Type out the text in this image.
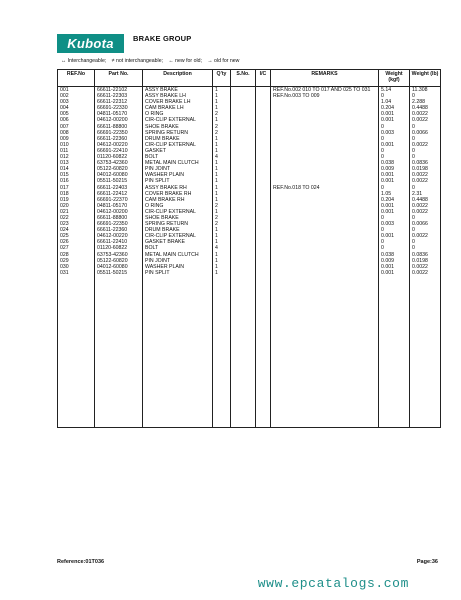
Kubota	BRAKE GROUP
↔ Interchangeable; ≠ not interchangeable; ← new for old; → old for new
REF.No	Part No.	Description	Q'ty	S.No.	I/C	REMARKS	Weight (kgf)	Weight (lb)
001	66611-22102	ASSY BRAKE	1			REF.No.002 010 TO 017 AND 025 TO 031	5.14	11.308
002	66611-22303	ASSY BRAKE LH	1			REF.No.003 TO 009	0	0
003	66611-22312	COVER BRAKE LH	1				1.04	2.288
004	66691-22330	CAM BRAKE LH	1				0.204	0.4488
005	04811-05170	O RING	2				0.001	0.0022
006	04612-00200	CIR-CLIP EXTERNAL	1				0.001	0.0022
007	66611-88800	SHOE BRAKE	2				0	0
008	66691-22350	SPRING RETURN	2				0.003	0.0066
009	66611-22360	DRUM BRAKE	1				0	0
010	04612-00220	CIR-CLIP EXTERNAL	1				0.001	0.0022
011	66691-22410	GASKET	1				0	0
012	01120-60822	BOLT	4				0	0
013	63753-42360	METAL MAIN CLUTCH	1				0.038	0.0836
014	05122-60820	PIN JOINT	1				0.009	0.0198
015	04012-60080	WASHER PLAIN	1				0.001	0.0022
016	05511-50215	PIN SPLIT	1				0.001	0.0022
017	66611-22403	ASSY BRAKE RH	1			REF.No.018 TO 024	0	0
018	66611-22412	COVER BRAKE RH	1				1.05	2.31
019	66691-22370	CAM BRAKE RH	1				0.204	0.4488
020	04811-05170	O RING	2				0.001	0.0022
021	04612-00200	CIR-CLIP EXTERNAL	1				0.001	0.0022
022	66611-88800	SHOE BRAKE	2				0	0
023	66691-22350	SPRING RETURN	2				0.003	0.0066
024	66611-22360	DRUM BRAKE	1				0	0
025	04612-00220	CIR-CLIP EXTERNAL	1				0.001	0.0022
026	66611-22410	GASKET BRAKE	1				0	0
027	01120-60822	BOLT	4				0	0
028	63753-42360	METAL MAIN CLUTCH	1				0.038	0.0836
029	05122-60820	PIN JOINT	1				0.009	0.0198
030	04012-60080	WASHER PLAIN	1				0.001	0.0022
031	05511-50215	PIN SPLIT	1				0.001	0.0022

Reference:01T036	Page:36
www.epcatalogs.com
